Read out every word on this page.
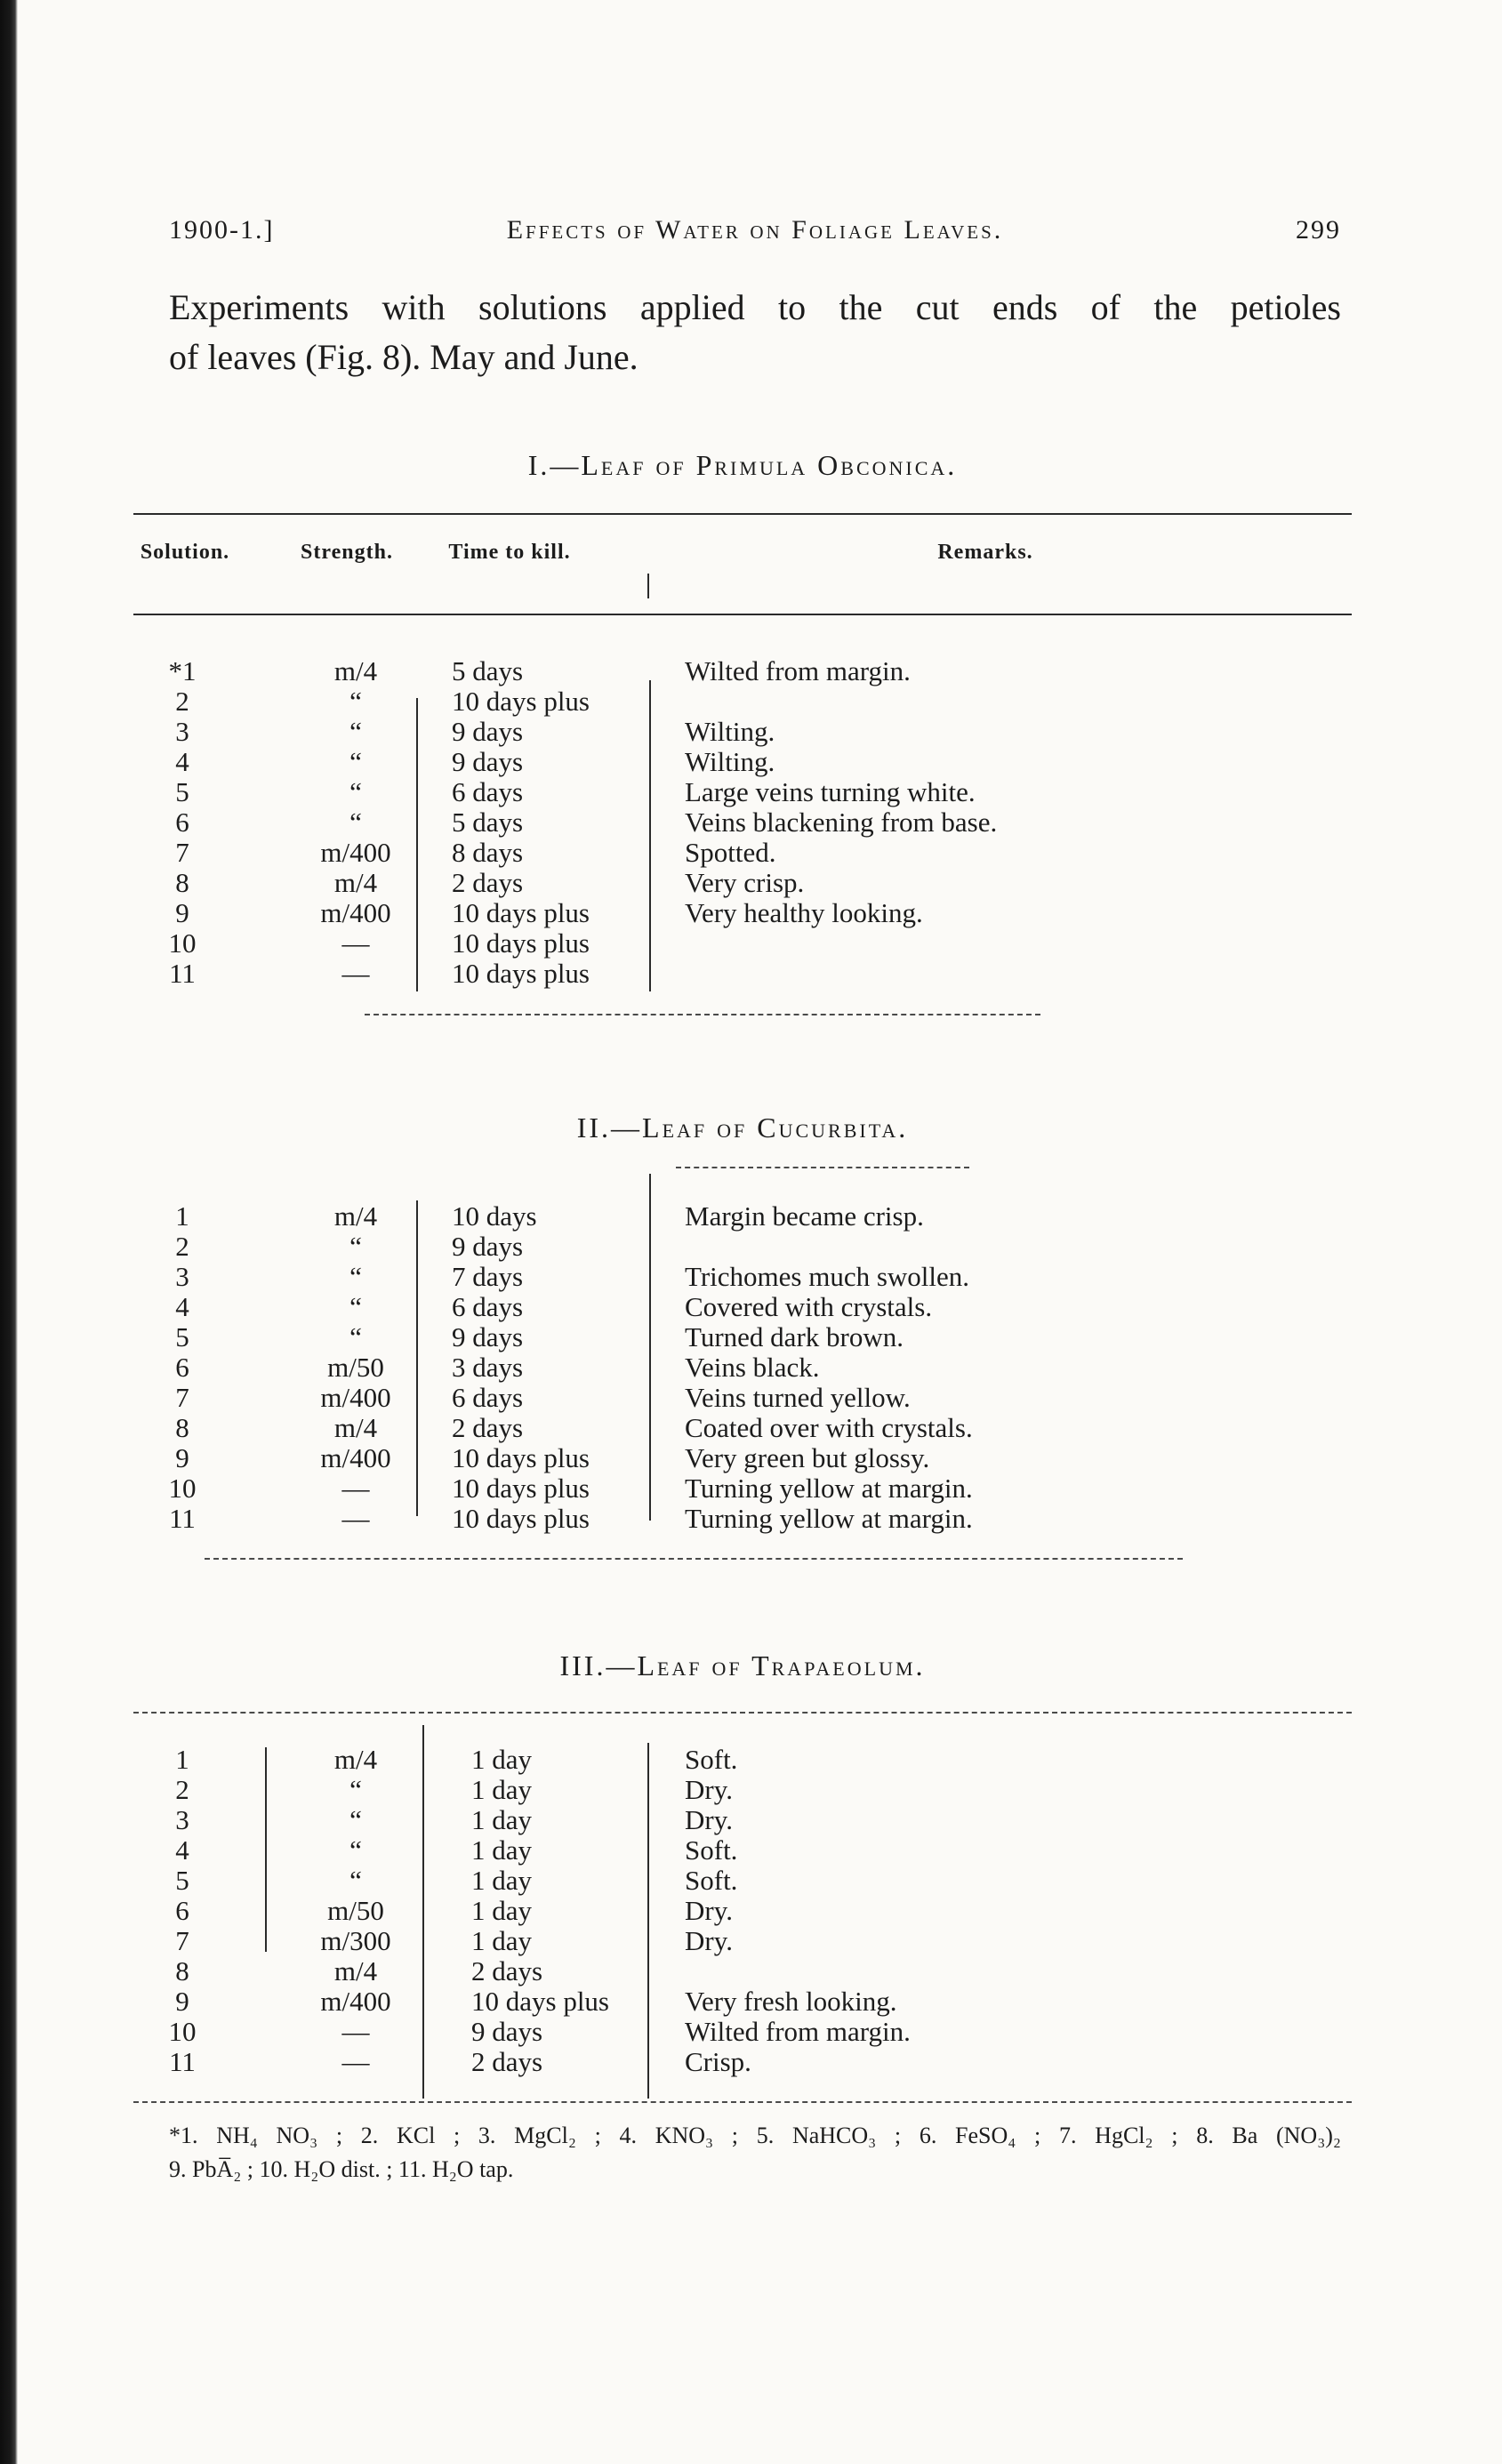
1900-1.]	Effects of Water on Foliage Leaves.	299
Experiments with solutions applied to the cut ends of the petioles
of leaves (Fig. 8). May and June.
I.—Leaf of Primula Obconica.
Solution.	Strength.	Time to kill.	Remarks.
*1	m/4	5 days	Wilted from margin.
2	“	10 days plus
3	“	9 days	Wilting.
4	“	9 days	Wilting.
5	“	6 days	Large veins turning white.
6	“	5 days	Veins blackening from base.
7	m/400	8 days	Spotted.
8	m/4	2 days	Very crisp.
9	m/400	10 days plus	Very healthy looking.
10	—	10 days plus
11	—	10 days plus
II.—Leaf of Cucurbita.
1	m/4	10 days	Margin became crisp.
2	“	9 days
3	“	7 days	Trichomes much swollen.
4	“	6 days	Covered with crystals.
5	“	9 days	Turned dark brown.
6	m/50	3 days	Veins black.
7	m/400	6 days	Veins turned yellow.
8	m/4	2 days	Coated over with crystals.
9	m/400	10 days plus	Very green but glossy.
10	—	10 days plus	Turning yellow at margin.
11	—	10 days plus	Turning yellow at margin.
III.—Leaf of Trapaeolum.
1	m/4	1 day	Soft.
2	“	1 day	Dry.
3	“	1 day	Dry.
4	“	1 day	Soft.
5	“	1 day	Soft.
6	m/50	1 day	Dry.
7	m/300	1 day	Dry.
8	m/4	2 days
9	m/400	10 days plus	Very fresh looking.
10	—	9 days	Wilted from margin.
11	—	2 days	Crisp.
*1. NH₄ NO₃ ; 2. KCl ; 3. MgCl₂ ; 4. KNO₃ ; 5. NaHCO₃ ; 6. FeSO₄ ; 7. HgCl₂ ; 8. Ba (NO₃)₂
9. PbA̅₂ ; 10. H₂O dist. ; 11. H₂O tap.
